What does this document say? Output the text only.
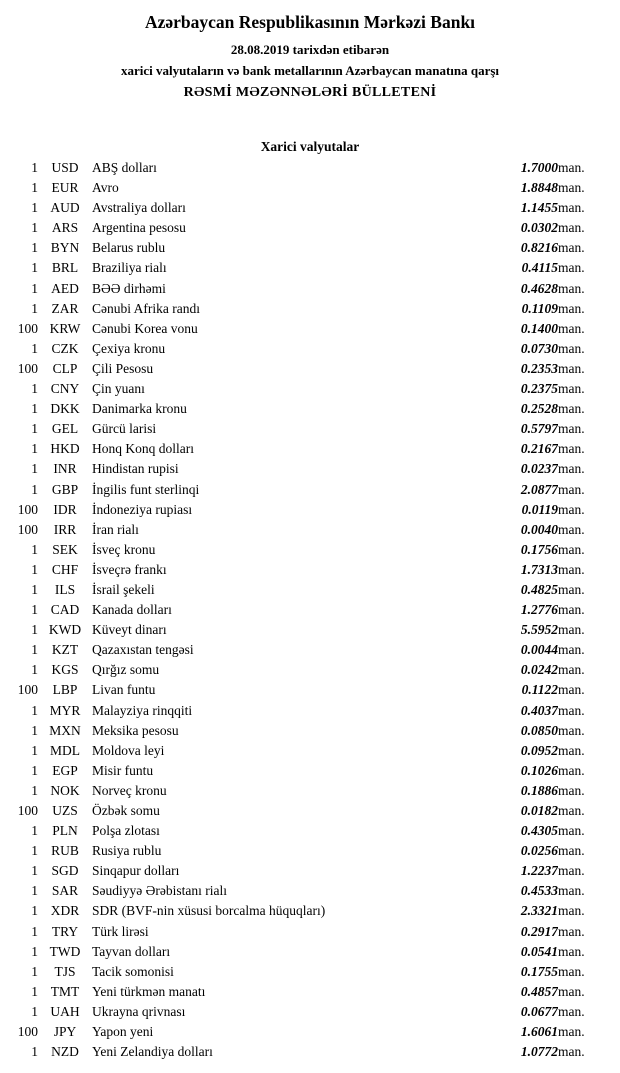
Azərbaycan Respublikasının Mərkəzi Bankı
28.08.2019 tarixdən etibarən
xarici valyutaların və bank metallarının Azərbaycan manatına qarşı
RƏSMİ MƏZƏNNƏLƏRİ BÜLLETENİ
Xarici valyutalar
1	USD	ABŞ dolları	1.7000	man.
1	EUR	Avro	1.8848	man.
1	AUD	Avstraliya dolları	1.1455	man.
1	ARS	Argentina pesosu	0.0302	man.
1	BYN	Belarus rublu	0.8216	man.
1	BRL	Braziliya rialı	0.4115	man.
1	AED	BƏƏ dirhəmi	0.4628	man.
1	ZAR	Cənubi Afrika randı	0.1109	man.
100	KRW	Cənubi Korea vonu	0.1400	man.
1	CZK	Çexiya kronu	0.0730	man.
100	CLP	Çili Pesosu	0.2353	man.
1	CNY	Çin yuanı	0.2375	man.
1	DKK	Danimarka kronu	0.2528	man.
1	GEL	Gürcü larisi	0.5797	man.
1	HKD	Honq Konq dolları	0.2167	man.
1	INR	Hindistan rupisi	0.0237	man.
1	GBP	İngilis funt sterlinqi	2.0877	man.
100	IDR	İndoneziya rupiası	0.0119	man.
100	IRR	İran rialı	0.0040	man.
1	SEK	İsveç kronu	0.1756	man.
1	CHF	İsveçrə frankı	1.7313	man.
1	ILS	İsrail şekeli	0.4825	man.
1	CAD	Kanada dolları	1.2776	man.
1	KWD	Küveyt dinarı	5.5952	man.
1	KZT	Qazaxıstan tengəsi	0.0044	man.
1	KGS	Qırğız somu	0.0242	man.
100	LBP	Livan funtu	0.1122	man.
1	MYR	Malayziya rinqqiti	0.4037	man.
1	MXN	Meksika pesosu	0.0850	man.
1	MDL	Moldova leyi	0.0952	man.
1	EGP	Misir funtu	0.1026	man.
1	NOK	Norveç kronu	0.1886	man.
100	UZS	Özbək somu	0.0182	man.
1	PLN	Polşa zlotası	0.4305	man.
1	RUB	Rusiya rublu	0.0256	man.
1	SGD	Sinqapur dolları	1.2237	man.
1	SAR	Səudiyyə Ərəbistanı rialı	0.4533	man.
1	XDR	SDR (BVF-nin xüsusi borcalma hüquqları)	2.3321	man.
1	TRY	Türk lirəsi	0.2917	man.
1	TWD	Tayvan dolları	0.0541	man.
1	TJS	Tacik somonisi	0.1755	man.
1	TMT	Yeni türkmən manatı	0.4857	man.
1	UAH	Ukrayna qrivnası	0.0677	man.
100	JPY	Yapon yeni	1.6061	man.
1	NZD	Yeni Zelandiya dolları	1.0772	man.
